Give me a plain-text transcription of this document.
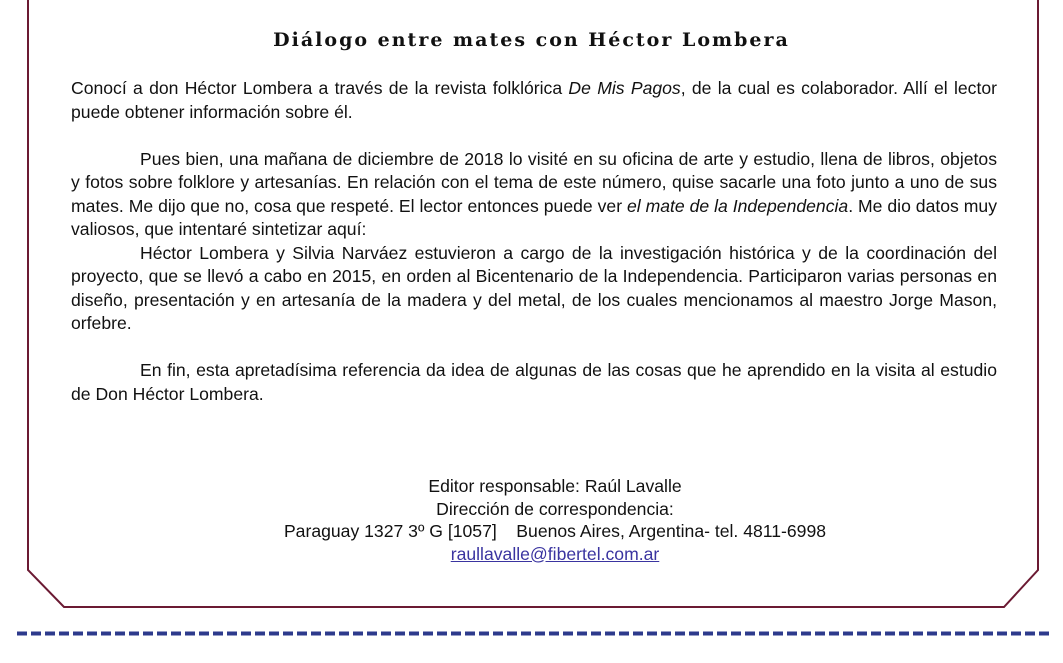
Diálogo entre mates con Héctor Lombera

Conocí a don Héctor Lombera a través de la revista folklórica De Mis Pagos, de la cual es colaborador. Allí el lector puede obtener información sobre él.

Pues bien, una mañana de diciembre de 2018 lo visité en su oficina de arte y estudio, llena de libros, objetos y fotos sobre folklore y artesanías. En relación con el tema de este número, quise sacarle una foto junto a uno de sus mates. Me dijo que no, cosa que respeté. El lector entonces puede ver el mate de la Independencia. Me dio datos muy valiosos, que intentaré sintetizar aquí:

Héctor Lombera y Silvia Narváez estuvieron a cargo de la investigación histórica y de la coordinación del proyecto, que se llevó a cabo en 2015, en orden al Bicentenario de la Independencia. Participaron varias personas en diseño, presentación y en artesanía de la madera y del metal, de los cuales mencionamos al maestro Jorge Mason, orfebre.

En fin, esta apretadísima referencia da idea de algunas de las cosas que he aprendido en la visita al estudio de Don Héctor Lombera.

Editor responsable: Raúl Lavalle
Dirección de correspondencia:
Paraguay 1327 3º G [1057]    Buenos Aires, Argentina- tel. 4811-6998
raullavalle@fibertel.com.ar
